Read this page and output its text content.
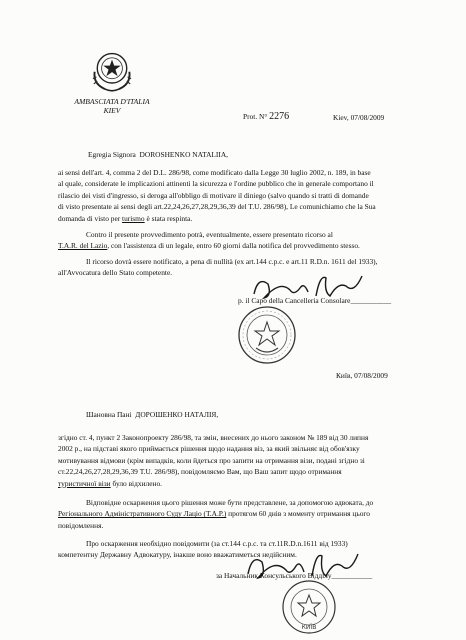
AMBASCIATA D'ITALIA
KIEV
Prot. N° 2276	Kiev, 07/08/2009
Egregia Signora DOROSHENKO NATALIIA,
ai sensi dell'art. 4, comma 2 del D.L. 286/98, come modificato dalla Legge 30 luglio 2002, n. 189, in base
al quale, considerate le implicazioni attinenti la sicurezza e l'ordine pubblico che in generale comportano il
rilascio dei visti d'ingresso, si deroga all'obbligo di motivare il diniego (salvo quando si tratti di domande
di visto presentate ai sensi degli art.22,24,26,27,28,29,36,39 del T.U. 286/98), Le comunichiamo che la Sua
domanda di visto per turismo è stata respinta.
Contro il presente provvedimento potrà, eventualmente, essere presentato ricorso al
T.A.R. del Lazio, con l'assistenza di un legale, entro 60 giorni dalla notifica del provvedimento stesso.
Il ricorso dovrà essere notificato, a pena di nullità (ex art.144 c.p.c. e art.11 R.D.n. 1611 del 1933),
all'Avvocatura dello Stato competente.
p. il Capo della Cancelleria Consolare___________
Київ, 07/08/2009
Шановна Пані ДОРОШЕНКО НАТАЛІЯ,
згідно ст. 4, пункт 2 Законопроекту 286/98, та змін, внесених до нього законом № 189 від 30 липня
2002 р., на підставі якого приймається рішення щодо надання віз, за який звільняє від обов'язку
мотивування відмови (крім випадків, коли йдеться про запити на отримання візи, подані згідно зі
ст.22,24,26,27,28,29,36,39 Т.U. 286/98), повідомляємо Вам, що Ваш запит щодо отримання
туристичної візи було відхилено.
Відповідне оскарження цього рішення може бути представлене, за допомогою адвоката, до
Регіонального Адміністративного Суду Лаціо (Т.А.Р.) протягом 60 днів з моменту отримання цього
повідомлення.
Про оскарження необхідно повідомити (за ст.144 с.р.с. та ст.11R.D.n.1611 від 1933)
компетентну Державну Адвокатуру, інакше воно вважатиметься недійсним.
за Начальник Консульського Відділу___________
КИЇВ
